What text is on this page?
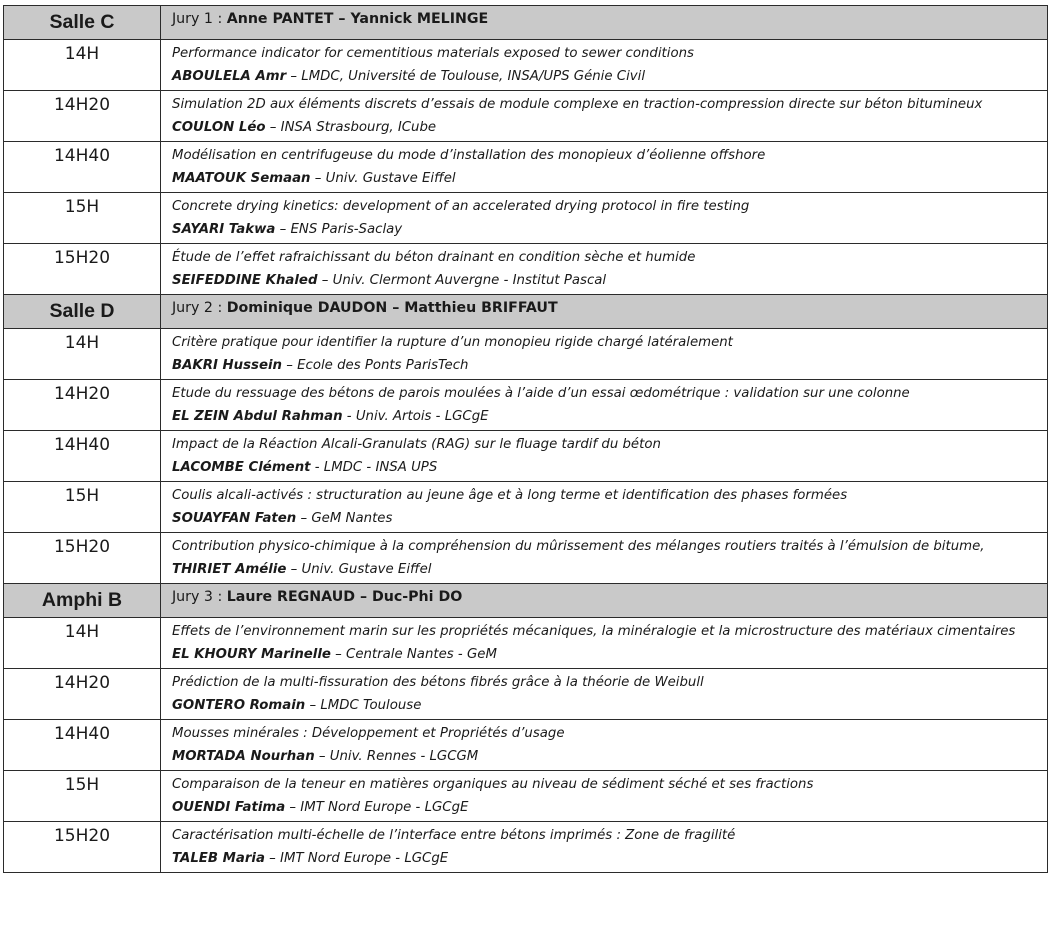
Salle C	Jury 1 : Anne PANTET – Yannick MELINGE
14H	Performance indicator for cementitious materials exposed to sewer conditions
ABOULELA Amr – LMDC, Université de Toulouse, INSA/UPS Génie Civil

14H20	Simulation 2D aux éléments discrets d’essais de module complexe en traction-compression directe sur béton bitumineux
COULON Léo – INSA Strasbourg, ICube

14H40	Modélisation en centrifugeuse du mode d’installation des monopieux d’éolienne offshore
MAATOUK Semaan – Univ. Gustave Eiffel

15H	Concrete drying kinetics: development of an accelerated drying protocol in fire testing
SAYARI Takwa – ENS Paris-Saclay

15H20	Étude de l’effet rafraichissant du béton drainant en condition sèche et humide
SEIFEDDINE Khaled – Univ. Clermont Auvergne - Institut Pascal

Salle D	Jury 2 : Dominique DAUDON – Matthieu BRIFFAUT
14H	Critère pratique pour identifier la rupture d’un monopieu rigide chargé latéralement
BAKRI Hussein – Ecole des Ponts ParisTech

14H20	Etude du ressuage des bétons de parois moulées à l’aide d’un essai œdométrique : validation sur une colonne
EL ZEIN Abdul Rahman - Univ. Artois - LGCgE

14H40	Impact de la Réaction Alcali-Granulats (RAG) sur le fluage tardif du béton
LACOMBE Clément - LMDC - INSA UPS

15H	Coulis alcali-activés : structuration au jeune âge et à long terme et identification des phases formées
SOUAYFAN Faten – GeM Nantes

15H20	Contribution physico-chimique à la compréhension du mûrissement des mélanges routiers traités à l’émulsion de bitume,
THIRIET Amélie – Univ. Gustave Eiffel

Amphi B	Jury 3 : Laure REGNAUD – Duc-Phi DO
14H	Effets de l’environnement marin sur les propriétés mécaniques, la minéralogie et la microstructure des matériaux cimentaires
EL KHOURY Marinelle – Centrale Nantes - GeM

14H20	Prédiction de la multi-fissuration des bétons fibrés grâce à la théorie de Weibull
GONTERO Romain – LMDC Toulouse

14H40	Mousses minérales : Développement et Propriétés d’usage
MORTADA Nourhan – Univ. Rennes - LGCGM

15H	Comparaison de la teneur en matières organiques au niveau de sédiment séché et ses fractions
OUENDI Fatima – IMT Nord Europe - LGCgE

15H20	Caractérisation multi-échelle de l’interface entre bétons imprimés : Zone de fragilité
TALEB Maria – IMT Nord Europe - LGCgE
